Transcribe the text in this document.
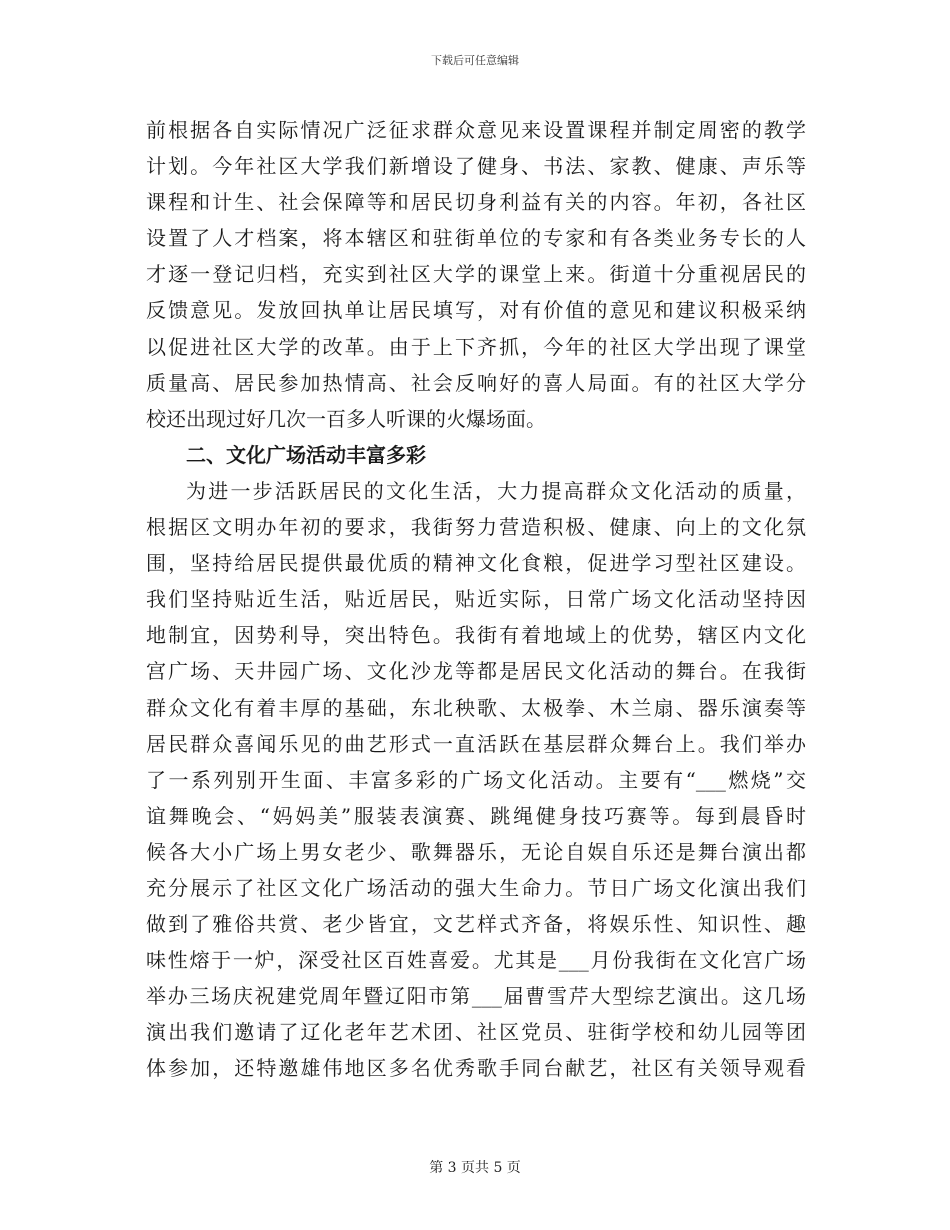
下载后可任意编辑
前根据各自实际情况广泛征求群众意见来设置课程并制定周密的教学
计划。今年社区大学我们新增设了健身、书法、家教、健康、声乐等
课程和计生、社会保障等和居民切身利益有关的内容。年初，各社区
设置了人才档案，将本辖区和驻街单位的专家和有各类业务专长的人
才逐一登记归档，充实到社区大学的课堂上来。街道十分重视居民的
反馈意见。发放回执单让居民填写，对有价值的意见和建议积极采纳
以促进社区大学的改革。由于上下齐抓，今年的社区大学出现了课堂
质量高、居民参加热情高、社会反响好的喜人局面。有的社区大学分
校还出现过好几次一百多人听课的火爆场面。
二、文化广场活动丰富多彩
为进一步活跃居民的文化生活，大力提高群众文化活动的质量，
根据区文明办年初的要求，我街努力营造积极、健康、向上的文化氛
围，坚持给居民提供最优质的精神文化食粮，促进学习型社区建设。
我们坚持贴近生活，贴近居民，贴近实际，日常广场文化活动坚持因
地制宜，因势利导，突出特色。我街有着地域上的优势，辖区内文化
宫广场、天井园广场、文化沙龙等都是居民文化活动的舞台。在我街
群众文化有着丰厚的基础，东北秧歌、太极拳、木兰扇、器乐演奏等
居民群众喜闻乐见的曲艺形式一直活跃在基层群众舞台上。我们举办
了一系列别开生面、丰富多彩的广场文化活动。主要有“___燃烧”交
谊舞晚会、“妈妈美”服装表演赛、跳绳健身技巧赛等。每到晨昏时
候各大小广场上男女老少、歌舞器乐，无论自娱自乐还是舞台演出都
充分展示了社区文化广场活动的强大生命力。节日广场文化演出我们
做到了雅俗共赏、老少皆宜，文艺样式齐备，将娱乐性、知识性、趣
味性熔于一炉，深受社区百姓喜爱。尤其是___月份我街在文化宫广场
举办三场庆祝建党周年暨辽阳市第___届曹雪芹大型综艺演出。这几场
演出我们邀请了辽化老年艺术团、社区党员、驻街学校和幼儿园等团
体参加，还特邀雄伟地区多名优秀歌手同台献艺，社区有关领导观看
第 3 页共 5 页
